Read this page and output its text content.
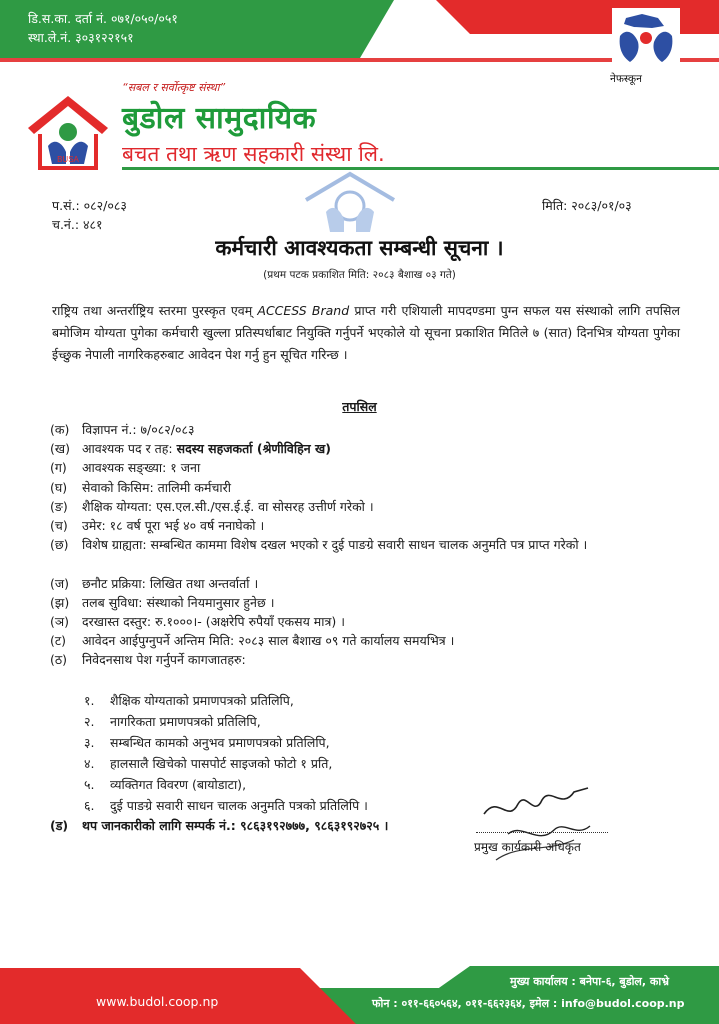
डि.स.का. दर्ता नं. ०७१/०५०/०५१
स्था.ले.नं. ३०३१२२१५१
नेफस्कून
BUSA
“सबल र सर्वोत्कृष्ट संस्था”
बुडोल सामुदायिक
बचत तथा ऋण सहकारी संस्था लि.
प.सं.: ०८२/०८३
च.नं.: ४८१
मिति: २०८३/०१/०३
कर्मचारी आवश्यकता सम्बन्धी सूचना ।
(प्रथम पटक प्रकाशित मिति: २०८३ बैशाख ०३ गते)
राष्ट्रिय तथा अन्तर्राष्ट्रिय स्तरमा पुरस्कृत एवम् ACCESS Brand प्राप्त गरी एशियाली मापदण्डमा पुग्न सफल यस संस्थाको लागि तपसिल बमोजिम योग्यता पुगेका कर्मचारी खुल्ला प्रतिस्पर्धाबाट नियुक्ति गर्नुपर्ने भएकोले यो सूचना प्रकाशित मितिले ७ (सात) दिनभित्र योग्यता पुगेका ईच्छुक नेपाली नागरिकहरुबाट आवेदन पेश गर्नु हुन सूचित गरिन्छ ।
तपसिल
(क) विज्ञापन नं.: ७/०८२/०८३
(ख) आवश्यक पद र तह: सदस्य सहजकर्ता (श्रेणीविहिन ख)
(ग) आवश्यक सङ्ख्या: १ जना
(घ) सेवाको किसिम: तालिमी कर्मचारी
(ङ) शैक्षिक योग्यता: एस.एल.सी./एस.ई.ई. वा सोसरह उत्तीर्ण गरेको ।
(च) उमेर: १८ वर्ष पूरा भई ४० वर्ष ननाघेको ।
(छ) विशेष ग्राह्यता: सम्बन्धित काममा विशेष दखल भएको र दुई पाङग्रे सवारी साधन चालक अनुमति पत्र प्राप्त गरेको ।
(ज) छनौट प्रक्रिया: लिखित तथा अन्तर्वार्ता ।
(झ) तलब सुविधा: संस्थाको नियमानुसार हुनेछ ।
(ञ) दरखास्त दस्तुर: रु.१०००।- (अक्षरेपि रुपैयाँ एकसय मात्र) ।
(ट) आवेदन आईपुग्नुपर्ने अन्तिम मिति: २०८३ साल बैशाख ०९ गते कार्यालय समयभित्र ।
(ठ) निवेदनसाथ पेश गर्नुपर्ने कागजातहरु:
१. शैक्षिक योग्यताको प्रमाणपत्रको प्रतिलिपि,
२. नागरिकता प्रमाणपत्रको प्रतिलिपि,
३. सम्बन्धित कामको अनुभव प्रमाणपत्रको प्रतिलिपि,
४. हालसालै खिचेको पासपोर्ट साइजको फोटो १ प्रति,
५. व्यक्तिगत विवरण (बायोडाटा),
६. दुई पाङग्रे सवारी साधन चालक अनुमति पत्रको प्रतिलिपि ।
(ड) थप जानकारीको लागि सम्पर्क नं.: ९८६३१९२७७७, ९८६३१९२७२५ ।
प्रमुख कार्यकारी अधिकृत
www.budol.coop.np
मुख्य कार्यालय : बनेपा-६, बुडोल, काभ्रे
फोन : ०११-६६०५६४, ०११-६६२३६४, इमेल : info@budol.coop.np
